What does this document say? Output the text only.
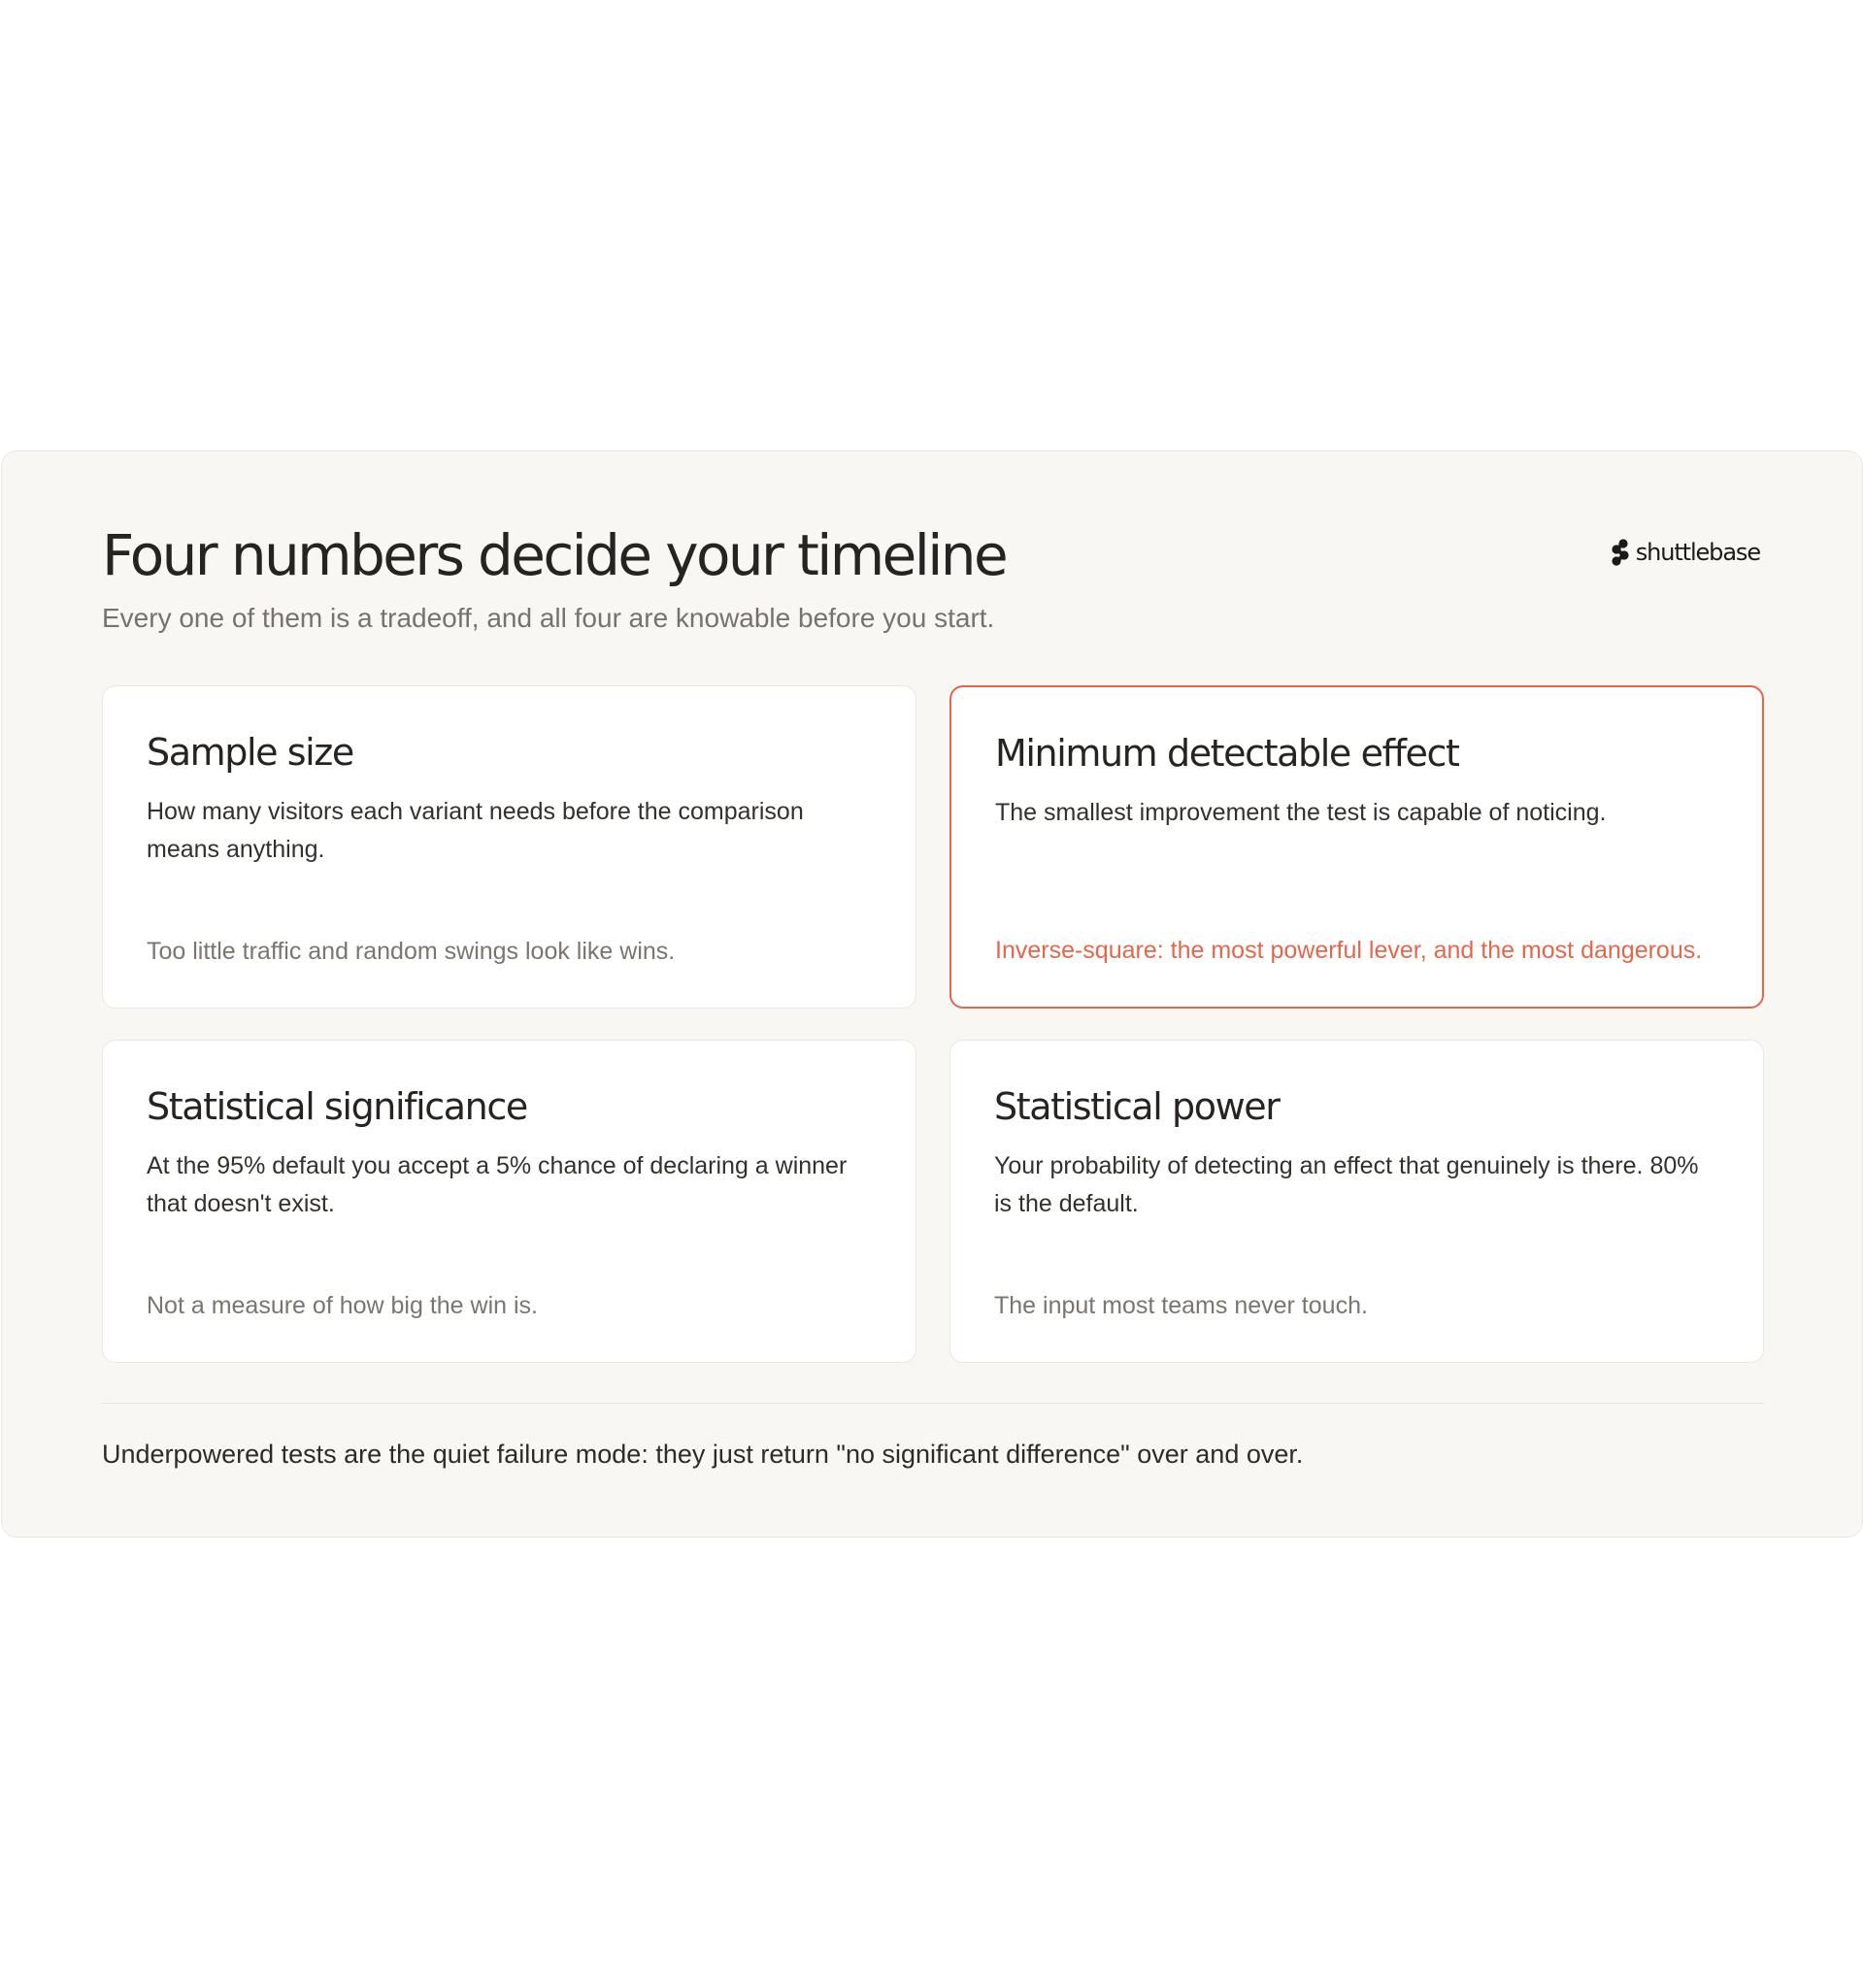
Four numbers decide your timeline

Every one of them is a tradeoff, and all four are knowable before you start.

shuttlebase
Sample size

How many visitors each variant needs before the comparison means anything.

Too little traffic and random swings look like wins.
Minimum detectable effect

The smallest improvement the test is capable of noticing.

Inverse-square: the most powerful lever, and the most dangerous.
Statistical significance

At the 95% default you accept a 5% chance of declaring a winner that doesn't exist.

Not a measure of how big the win is.
Statistical power

Your probability of detecting an effect that genuinely is there. 80% is the default.

The input most teams never touch.
Underpowered tests are the quiet failure mode: they just return "no significant difference" over and over.
